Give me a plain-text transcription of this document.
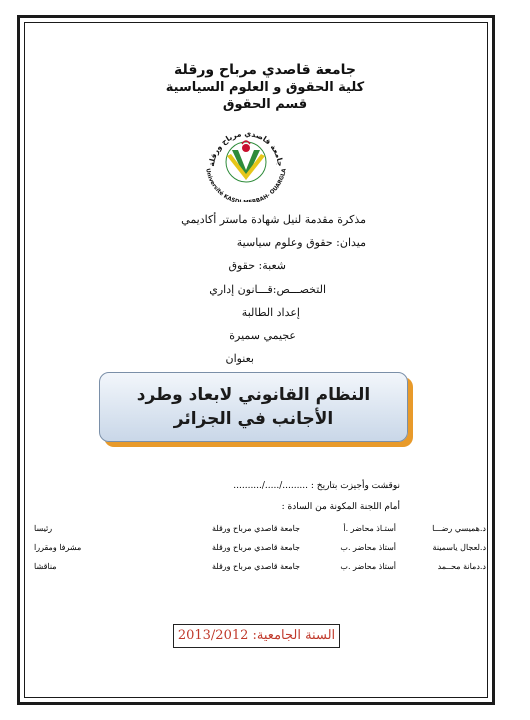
جامعة قاصدي مرباح ورقلة
كلية الحقوق و العلوم السياسية
قسم الحقوق
جامعة قاصدي مرباح ورقلة
Université KASD BAH- OUARGLA
مذكرة مقدمة لنيل شهادة ماستر أكاديمي
ميدان: حقوق وعلوم سياسية
شعبة: حقوق
التخصـــص:قـــانون إداري
إعداد الطالبة
عجيمي سميرة
بعنوان
النظام القانوني لابعاد وطرد
الأجانب في الجزائر
نوقشت وأجيزت بتاريخ : ........./...../..........
أمام اللجنة المكونة من السادة :
د.هميسي رضـــا	أستـاذ محاضر .أ	جامعة قاصدي مرباح ورقلة	رئيسا
د.لعجال ياسمينة	أستاذ محاضر .ب	جامعة قاصدي مرباح ورقلة	مشرفا ومقررا
د.دمانة محــمد	أستاذ محاضر .ب	جامعة قاصدي مرباح ورقلة	مناقشا
السنة الجامعية: 2013/2012
